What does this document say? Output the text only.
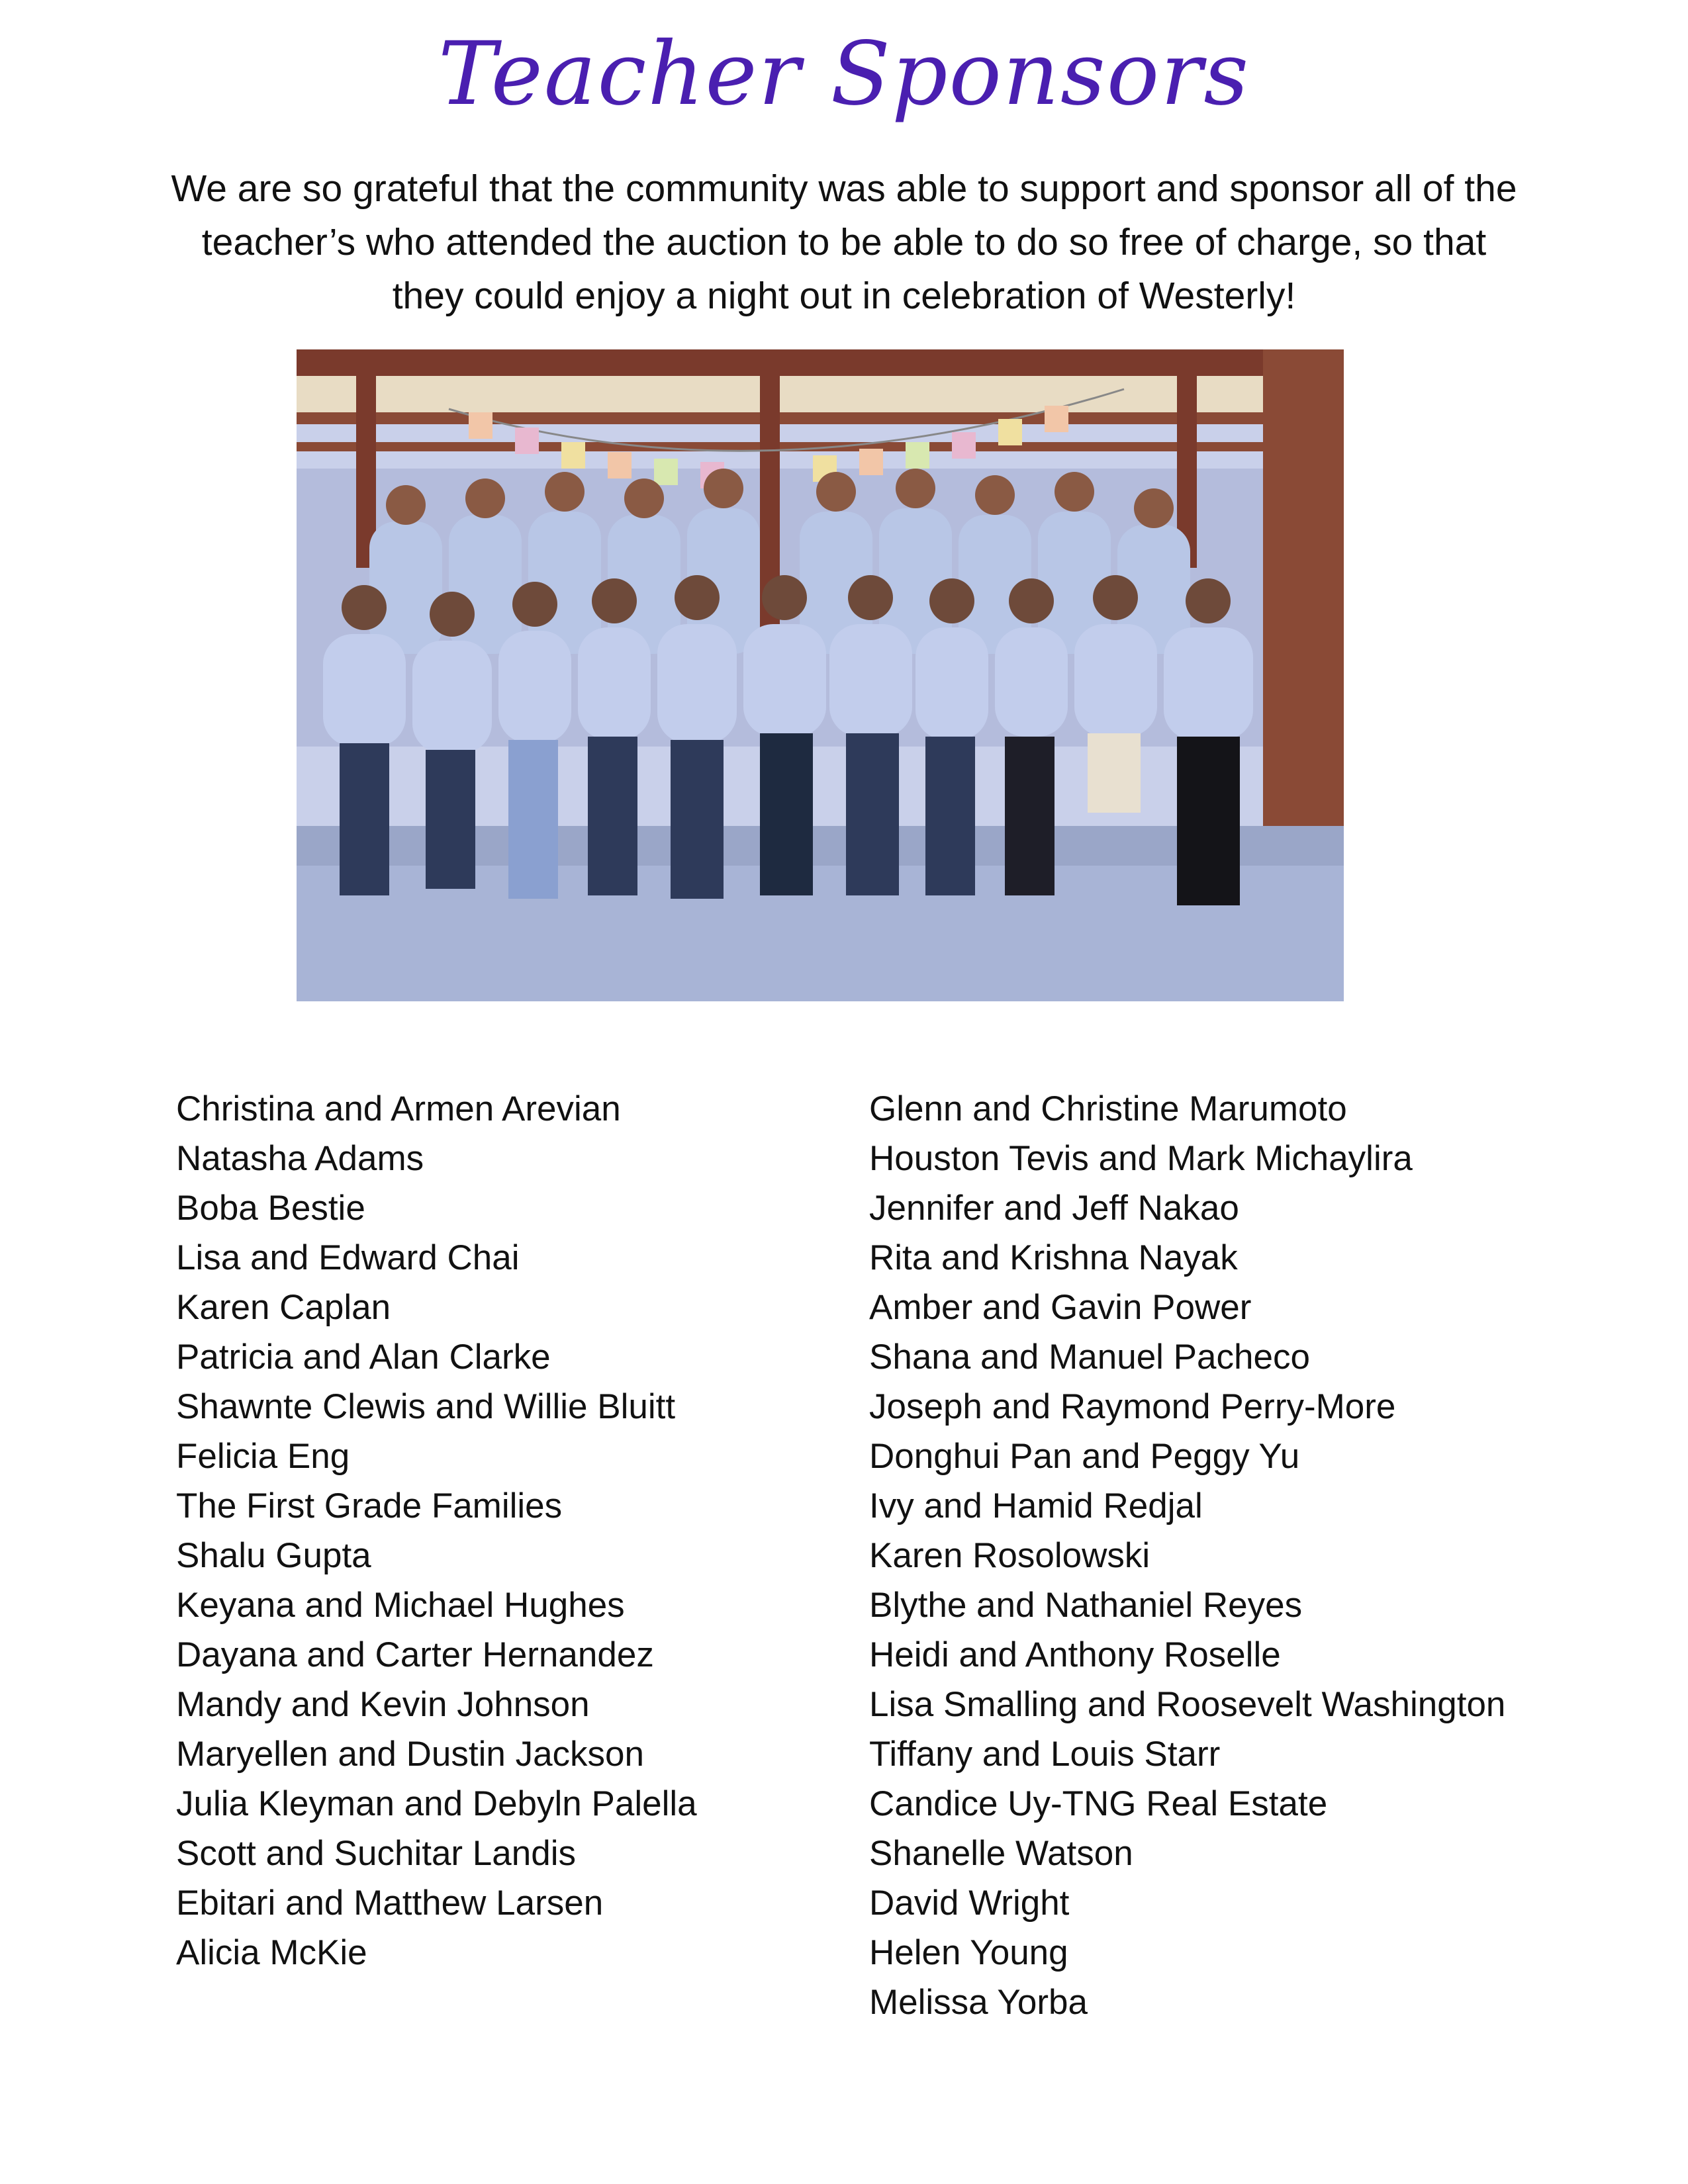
Teacher Sponsors
We are so grateful that the community was able to support and sponsor all of the teacher’s who attended the auction to be able to do so free of charge, so that they could enjoy a night out in celebration of Westerly!
Christina and Armen Arevian
Natasha Adams
Boba Bestie
Lisa and Edward Chai
Karen Caplan
Patricia and Alan Clarke
Shawnte Clewis and Willie Bluitt
Felicia Eng
The First Grade Families
Shalu Gupta
Keyana and Michael Hughes
Dayana and Carter Hernandez
Mandy and Kevin Johnson
Maryellen and Dustin Jackson
Julia Kleyman and Debyln Palella
Scott and Suchitar Landis
Ebitari and Matthew Larsen
Alicia McKie
Glenn and Christine Marumoto
Houston Tevis and Mark Michaylira
Jennifer and Jeff Nakao
Rita and Krishna Nayak
Amber and Gavin Power
Shana and Manuel Pacheco
Joseph and Raymond Perry-More
Donghui Pan and Peggy Yu
Ivy and Hamid Redjal
Karen Rosolowski
Blythe and Nathaniel Reyes
Heidi and Anthony Roselle
Lisa Smalling and Roosevelt Washington
Tiffany and Louis Starr
Candice Uy-TNG Real Estate
Shanelle Watson
David Wright
Helen Young
Melissa Yorba
